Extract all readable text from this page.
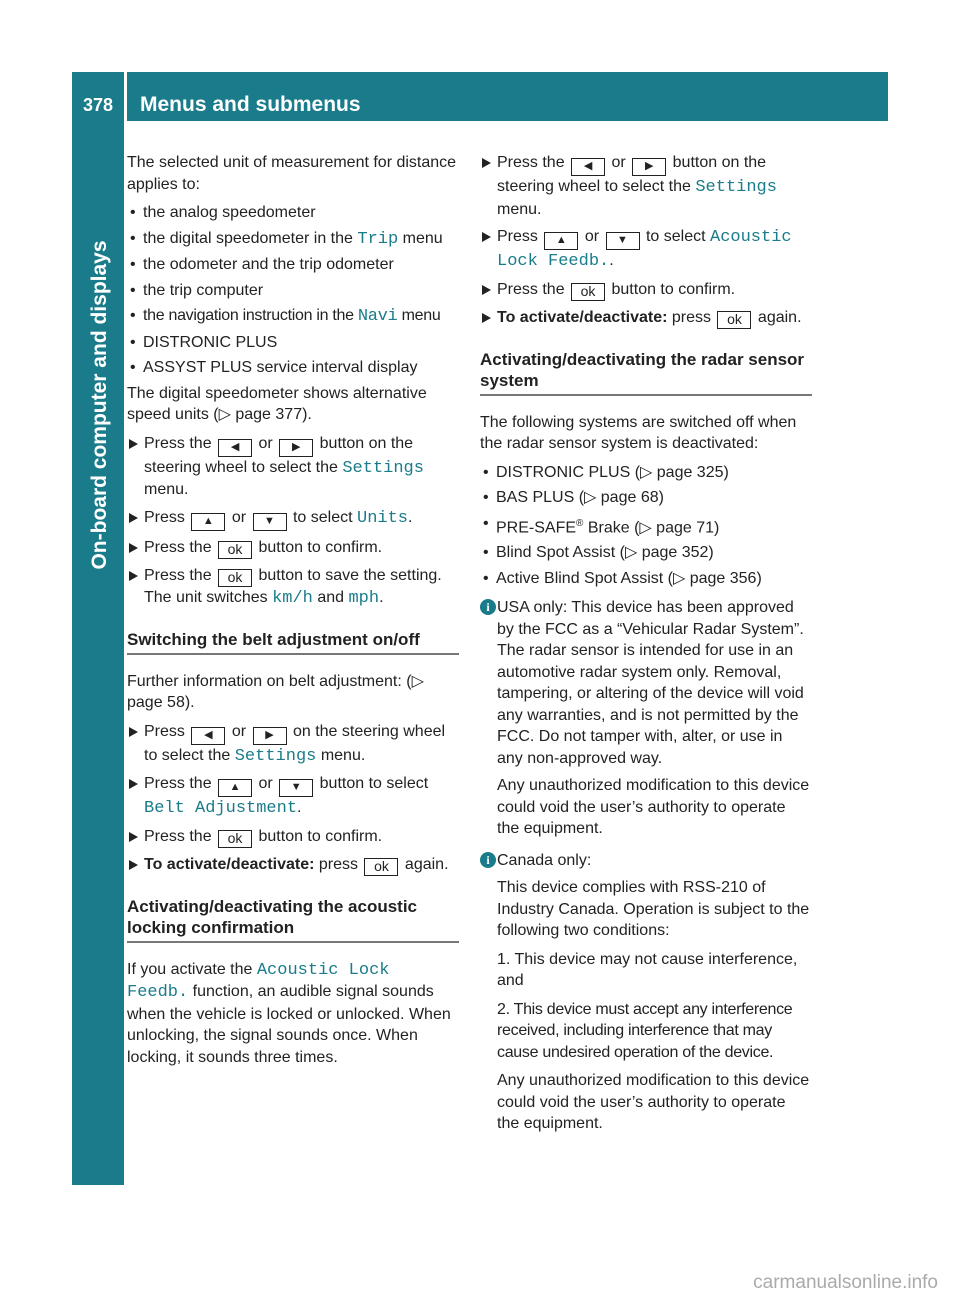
378	Menus and submenus
On-board computer and displays

The selected unit of measurement for distance applies to:

• the analog speedometer
• the digital speedometer in the Trip menu
• the odometer and the trip odometer
• the trip computer
• the navigation instruction in the Navi menu
• DISTRONIC PLUS
• ASSYST PLUS service interval display

The digital speedometer shows alternative speed units (▷ page 377).

Press the ◀ or ▶ button on the steering wheel to select the Settings menu.
Press ▲ or ▼ to select Units.
Press the ok button to confirm.
Press the ok button to save the setting. The unit switches km/h and mph.
Switching the belt adjustment on/off

Further information on belt adjustment: (▷ page 58).

Press ◀ or ▶ on the steering wheel to select the Settings menu.
Press the ▲ or ▼ button to select Belt Adjustment.
Press the ok button to confirm.
To activate/deactivate: press ok again.
Activating/deactivating the acoustic locking confirmation

If you activate the Acoustic Lock Feedb. function, an audible signal sounds when the vehicle is locked or unlocked. When unlocking, the signal sounds once. When locking, it sounds three times.

Press the ◀ or ▶ button on the steering wheel to select the Settings menu.
Press ▲ or ▼ to select Acoustic Lock Feedb..
Press the ok button to confirm.
To activate/deactivate: press ok again.
Activating/deactivating the radar sensor system

The following systems are switched off when the radar sensor system is deactivated:

• DISTRONIC PLUS (▷ page 325)
• BAS PLUS (▷ page 68)
• PRE-SAFE® Brake (▷ page 71)
• Blind Spot Assist (▷ page 352)
• Active Blind Spot Assist (▷ page 356)
i USA only: This device has been approved by the FCC as a “Vehicular Radar System”. The radar sensor is intended for use in an automotive radar system only. Removal, tampering, or altering of the device will void any warranties, and is not permitted by the FCC. Do not tamper with, alter, or use in any non-approved way.
Any unauthorized modification to this device could void the user’s authority to operate the equipment.
i Canada only:
This device complies with RSS-210 of Industry Canada. Operation is subject to the following two conditions:
1. This device may not cause interference, and
2. This device must accept any interference received, including interference that may cause undesired operation of the device.
Any unauthorized modification to this device could void the user’s authority to operate the equipment.
carmanualsonline.info
